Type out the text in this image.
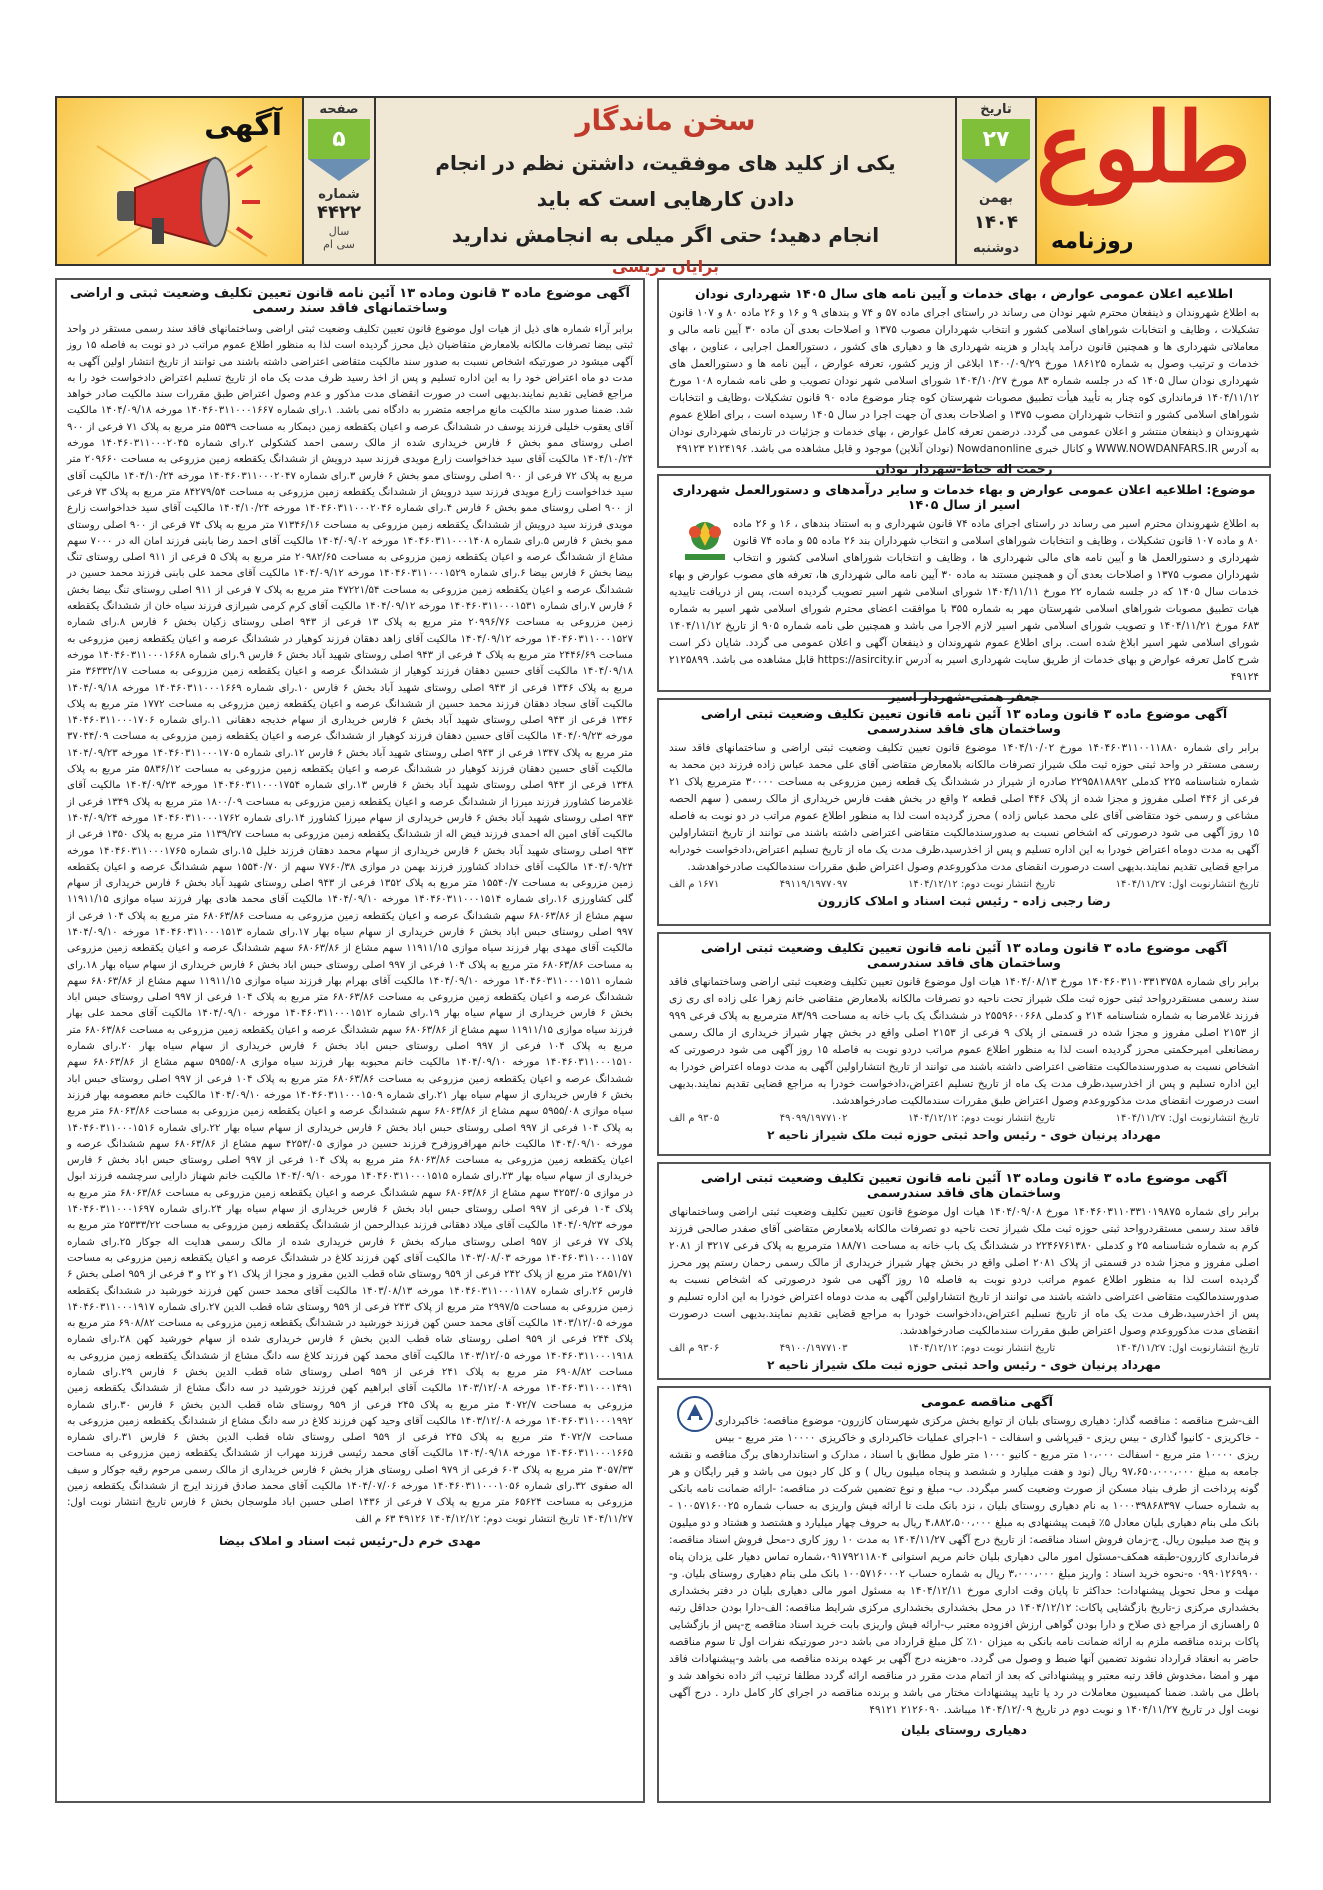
آگهی	صفحه
۵
شماره
۴۴۲۲
سال
سی ام
سخن ماندگار
یکی از کلید های موفقیت، داشتن نظم در انجام دادن کارهایی است که باید
انجام دهید؛ حتی اگر میلی به انجامش ندارید
برایان تریسی
تاریخ
۲۷
بهمن
۱۴۰۴
دوشنبه
طلوع
روزنامه
آگهی موضوع ماده ۳ قانون وماده ۱۳ آئین نامه قانون تعیین تکلیف وضعیت ثبتی و اراضی وساختمانهای فاقد سند رسمی

برابر آراء شماره های ذیل از هیات اول موضوع قانون تعیین تکلیف وضعیت ثبتی اراضی وساختمانهای فاقد سند رسمی مستقر در واحد ثبتی بیضا تصرفات مالکانه بلامعارض متقاضیان ذیل محرز گردیده است لذا به منظور اطلاع عموم مراتب در دو نوبت به فاصله ۱۵ روز آگهی میشود در صورتیکه اشخاص نسبت به صدور سند مالکیت متقاضی اعتراضی داشته باشند می توانند از تاریخ انتشار اولین آگهی به مدت دو ماه اعتراض خود را به این اداره تسلیم و پس از اخذ رسید ظرف مدت یک ماه از تاریخ تسلیم اعتراض دادخواست خود را به مراجع قضایی تقدیم نمایند.بدیهی است در صورت انقضای مدت مذکور و عدم وصول اعتراض طبق مقررات سند مالکیت صادر خواهد شد. ضمنا صدور سند مالکیت مانع مراجعه متضرر به دادگاه نمی باشد. ۱.رای شماره ۱۴۰۴۶۰۳۱۱۰۰۰۱۶۶۷ مورخه ۱۴۰۴/۰۹/۱۸ مالکیت آقای یعقوب خلیلی فرزند یوسف در ششدانگ عرصه و اعیان یکقطعه زمین دیمکار به مساحت ۵۵۳۹ متر مربع به پلاک ۷۱ فرعی از ۹۰۰ اصلی روستای ممو بخش ۶ فارس خریداری شده از مالک رسمی احمد کشکولی ۲.رای شماره ۱۴۰۴۶۰۳۱۱۰۰۰۲۰۴۵ مورخه ۱۴۰۴/۱۰/۲۴ مالکیت آقای سید خداخواست زارع مویدی فرزند سید درویش از ششدانگ یکقطعه زمین مزروعی به مساحت ۲۰۹۶۶۰ متر مربع به پلاک ۷۲ فرعی از ۹۰۰ اصلی روستای ممو بخش ۶ فارس ۳.رای شماره ۱۴۰۴۶۰۳۱۱۰۰۰۲۰۴۷ مورخه ۱۴۰۴/۱۰/۲۴ مالکیت آقای سید خداخواست زارع مویدی فرزند سید درویش از ششدانگ یکقطعه زمین مزروعی به مساحت ۸۴۲۷۹/۵۴ متر مربع به پلاک ۷۳ فرعی از ۹۰۰ اصلی روستای ممو بخش ۶ فارس ۴.رای شماره ۱۴۰۴۶۰۳۱۱۰۰۰۲۰۴۶ مورخه ۱۴۰۴/۱۰/۲۴ مالکیت آقای سید خداخواست زارع مویدی فرزند سید درویش از ششدانگ یکقطعه زمین مزروعی به مساحت ۷۱۳۴۶/۱۶ متر مربع به پلاک ۷۴ فرعی از ۹۰۰ اصلی روستای ممو بخش ۶ فارس ۵.رای شماره ۱۴۰۴۶۰۳۱۱۰۰۰۱۴۰۸ مورخه ۱۴۰۴/۰۹/۰۲ مالکیت آقای احمد رضا بابنی فرزند امان اله در ۷۰۰۰ سهم مشاع از ششدانگ عرصه و اعیان یکقطعه زمین مزروعی به مساحت ۲۰۹۸۲/۶۵ متر مربع به پلاک ۵ فرعی از ۹۱۱ اصلی روستای تنگ بیضا بخش ۶ فارس بیضا ۶.رای شماره ۱۴۰۴۶۰۳۱۱۰۰۰۱۵۲۹ مورخه ۱۴۰۴/۰۹/۱۲ مالکیت آقای محمد علی بابنی فرزند محمد حسین در ششدانگ عرصه و اعیان یکقطعه زمین مزروعی به مساحت ۴۷۲۲۱/۵۴ متر مربع به پلاک ۷ فرعی از ۹۱۱ اصلی روستای تنگ بیضا بخش ۶ فارس ۷.رای شماره ۱۴۰۴۶۰۳۱۱۰۰۰۱۵۳۱ مورخه ۱۴۰۴/۰۹/۱۲ مالکیت آقای کرم کرمی شیرازی فرزند سیاه خان از ششدانگ یکقطعه زمین مزروعی به مساحت ۲۰۹۹۶/۷۶ متر مربع به پلاک ۱۳ فرعی از ۹۴۳ اصلی روستای زکیان بخش ۶ فارس ۸.رای شماره ۱۴۰۴۶۰۳۱۱۰۰۰۱۵۲۷ مورخه ۱۴۰۴/۰۹/۱۲ مالکیت آقای زاهد دهقان فرزند کوهیار در ششدانگ عرصه و اعیان یکقطعه زمین مزروعی به مساحت ۲۴۴۶/۶۹ متر مربع به پلاک ۴ فرعی از ۹۴۳ اصلی روستای شهید آباد بخش ۶ فارس ۹.رای شماره ۱۴۰۴۶۰۳۱۱۰۰۰۱۶۶۸ مورخه ۱۴۰۴/۰۹/۱۸ مالکیت آقای حسین دهقان فرزند کوهیار از ششدانگ عرصه و اعیان یکقطعه زمین مزروعی به مساحت ۳۶۳۳۲/۱۷ متر مربع به پلاک ۱۳۴۶ فرعی از ۹۴۳ اصلی روستای شهید آباد بخش ۶ فارس ۱۰.رای شماره ۱۴۰۴۶۰۳۱۱۰۰۰۱۶۶۹ مورخه ۱۴۰۴/۰۹/۱۸ مالکیت آقای سجاد دهقان فرزند محمد حسین از ششدانگ عرصه و اعیان یکقطعه زمین مزروعی به مساحت ۱۷۷۲ متر مربع به پلاک ۱۳۴۶ فرعی از ۹۴۳ اصلی روستای شهید آباد بخش ۶ فارس خریداری از سهام خدیجه دهقانی ۱۱.رای شماره ۱۴۰۴۶۰۳۱۱۰۰۰۱۷۰۶ مورخه ۱۴۰۴/۰۹/۲۳ مالکیت آقای حسین دهقان فرزند کوهیار از ششدانگ عرصه و اعیان یکقطعه زمین مزروعی به مساحت ۳۷۰۴۴/۰۹ متر مربع به پلاک ۱۳۴۷ فرعی از ۹۴۳ اصلی روستای شهید آباد بخش ۶ فارس ۱۲.رای شماره ۱۴۰۴۶۰۳۱۱۰۰۰۱۷۰۵ مورخه ۱۴۰۴/۰۹/۲۳ مالکیت آقای حسین دهقان فرزند کوهیار در ششدانگ عرصه و اعیان یکقطعه زمین مزروعی به مساحت ۵۸۳۶/۱۲ متر مربع به پلاک ۱۳۴۸ فرعی از ۹۴۳ اصلی روستای شهید آباد بخش ۶ فارس ۱۳.رای شماره ۱۴۰۴۶۰۳۱۱۰۰۰۱۷۵۴ مورخه ۱۴۰۴/۰۹/۲۳ مالکیت آقای غلامرضا کشاورز فرزند میرزا از ششدانگ عرصه و اعیان یکقطعه زمین مزروعی به مساحت ۱۸۰۰/۰۹ متر مربع به پلاک ۱۳۴۹ فرعی از ۹۴۳ اصلی روستای شهید آباد بخش ۶ فارس خریداری از سهام میرزا کشاورز ۱۴.رای شماره ۱۴۰۴۶۰۳۱۱۰۰۰۱۷۶۲ مورخه ۱۴۰۴/۰۹/۲۴ مالکیت آقای امین اله احمدی فرزند فیض اله از ششدانگ یکقطعه زمین مزروعی به مساحت ۱۱۳۹/۲۷ متر مربع به پلاک ۱۳۵۰ فرعی از ۹۴۳ اصلی روستای شهید آباد بخش ۶ فارس خریداری از سهام محمد دهقان فرزند خلیل ۱۵.رای شماره ۱۴۰۴۶۰۳۱۱۰۰۰۱۷۶۵ مورخه ۱۴۰۴/۰۹/۲۴ مالکیت آقای خداداد کشاورز فرزند بهمن در موازی ۷۷۶۰/۳۸ سهم از ۱۵۵۴۰/۷۰ سهم ششدانگ عرصه و اعیان یکقطعه زمین مزروعی به مساحت ۱۵۵۴۰/۷ متر مربع به پلاک ۱۳۵۲ فرعی از ۹۴۳ اصلی روستای شهید آباد بخش ۶ فارس خریداری از سهام گلی کشاورزی ۱۶.رای شماره ۱۴۰۴۶۰۳۱۱۰۰۰۱۵۱۴ مورخه ۱۴۰۴/۰۹/۱۰ مالکیت آقای محمد هادی بهار فرزند سیاه موازی ۱۱۹۱۱/۱۵ سهم مشاع از ۶۸۰۶۳/۸۶ سهم ششدانگ عرصه و اعیان یکقطعه زمین مزروعی به مساحت ۶۸۰۶۳/۸۶ متر مربع به پلاک ۱۰۴ فرعی از ۹۹۷ اصلی روستای حبس اباد بخش ۶ فارس خریداری از سهام سیاه بهار ۱۷.رای شماره ۱۴۰۴۶۰۳۱۱۰۰۰۱۵۱۳ مورخه ۱۴۰۴/۰۹/۱۰ مالکیت آقای مهدی بهار فرزند سیاه موازی ۱۱۹۱۱/۱۵ سهم مشاع از ۶۸۰۶۳/۸۶ سهم ششدانگ عرصه و اعیان یکقطعه زمین مزروعی به مساحت ۶۸۰۶۳/۸۶ متر مربع به پلاک ۱۰۴ فرعی از ۹۹۷ اصلی روستای حبس اباد بخش ۶ فارس خریداری از سهام سیاه بهار ۱۸.رای شماره ۱۴۰۴۶۰۳۱۱۰۰۰۱۵۱۱ مورخه ۱۴۰۴/۰۹/۱۰ مالکیت آقای بهرام بهار فرزند سیاه موازی ۱۱۹۱۱/۱۵ سهم مشاع از ۶۸۰۶۳/۸۶ سهم ششدانگ عرصه و اعیان یکقطعه زمین مزروعی به مساحت ۶۸۰۶۳/۸۶ متر مربع به پلاک ۱۰۴ فرعی از ۹۹۷ اصلی روستای حبس اباد بخش ۶ فارس خریداری از سهام سیاه بهار ۱۹.رای شماره ۱۴۰۴۶۰۳۱۱۰۰۰۱۵۱۲ مورخه ۱۴۰۴/۰۹/۱۰ مالکیت آقای محمد علی بهار فرزند سیاه موازی ۱۱۹۱۱/۱۵ سهم مشاع از ۶۸۰۶۳/۸۶ سهم ششدانگ عرصه و اعیان یکقطعه زمین مزروعی به مساحت ۶۸۰۶۳/۸۶ متر مربع به پلاک ۱۰۴ فرعی از ۹۹۷ اصلی روستای حبس اباد بخش ۶ فارس خریداری از سهام سیاه بهار ۲۰.رای شماره ۱۴۰۴۶۰۳۱۱۰۰۰۱۵۱۰ مورخه ۱۴۰۴/۰۹/۱۰ مالکیت خانم محبوبه بهار فرزند سیاه موازی ۵۹۵۵/۰۸ سهم مشاع از ۶۸۰۶۳/۸۶ سهم ششدانگ عرصه و اعیان یکقطعه زمین مزروعی به مساحت ۶۸۰۶۳/۸۶ متر مربع به پلاک ۱۰۴ فرعی از ۹۹۷ اصلی روستای حبس اباد بخش ۶ فارس خریداری از سهام سیاه بهار ۲۱.رای شماره ۱۴۰۴۶۰۳۱۱۰۰۰۱۵۰۹ مورخه ۱۴۰۴/۰۹/۱۰ مالکیت خانم معصومه بهار فرزند سیاه موازی ۵۹۵۵/۰۸ سهم مشاع از ۶۸۰۶۳/۸۶ سهم ششدانگ عرصه و اعیان یکقطعه زمین مزروعی به مساحت ۶۸۰۶۳/۸۶ متر مربع به پلاک ۱۰۴ فرعی از ۹۹۷ اصلی روستای حبس اباد بخش ۶ فارس خریداری از سهام سیاه بهار ۲۲.رای شماره ۱۴۰۴۶۰۳۱۱۰۰۰۱۵۱۶ مورخه ۱۴۰۴/۰۹/۱۰ مالکیت خانم مهرافروزفرح فرزند حسین در موازی ۴۲۵۳/۰۵ سهم مشاع از ۶۸۰۶۳/۸۶ سهم ششدانگ عرصه و اعیان یکقطعه زمین مزروعی به مساحت ۶۸۰۶۳/۸۶ متر مربع به پلاک ۱۰۴ فرعی از ۹۹۷ اصلی روستای حبس اباد بخش ۶ فارس خریداری از سهام سیاه بهار ۲۳.رای شماره ۱۴۰۴۶۰۳۱۱۰۰۰۱۵۱۵ مورخه ۱۴۰۴/۰۹/۱۰ مالکیت خانم شهناز دارایی سرچشمه فرزند ابول در موازی ۴۲۵۳/۰۵ سهم مشاع از ۶۸۰۶۳/۸۶ سهم ششدانگ عرصه و اعیان یکقطعه زمین مزروعی به مساحت ۶۸۰۶۳/۸۶ متر مربع به پلاک ۱۰۴ فرعی از ۹۹۷ اصلی روستای حبس اباد بخش ۶ فارس خریداری از سهام سیاه بهار ۲۴.رای شماره ۱۴۰۴۶۰۳۱۱۰۰۰۱۶۹۷ مورخه ۱۴۰۴/۰۹/۲۳ مالکیت آقای میلاد دهقانی فرزند عبدالرحمن از ششدانگ یکقطعه زمین مزروعی به مساحت ۲۵۳۳۳/۲۲ متر مربع به پلاک ۷۷ فرعی از ۹۵۷ اصلی روستای مبارکه بخش ۶ فارس خریداری شده از مالک رسمی هدایت اله جوکار ۲۵.رای شماره ۱۴۰۴۶۰۳۱۱۰۰۰۱۱۵۷ مورخه ۱۴۰۳/۰۸/۰۳ مالکیت آقای کهن فرزند کلاغ در ششدانگ عرصه و اعیان یکقطعه زمین مزروعی به مساحت ۲۸۵۱/۷۱ متر مربع از پلاک ۲۴۲ فرعی از ۹۵۹ روستای شاه قطب الدین مفروز و مجزا از پلاک ۲۱ و ۲۲ و ۳ فرعی از ۹۵۹ اصلی بخش ۶ فارس ۲۶.رای شماره ۱۴۰۴۶۰۳۱۱۰۰۰۱۱۸۷ مورخه ۱۴۰۳/۰۸/۱۳ مالکیت آقای محمد حسن کهن فرزند خورشید در ششدانگ یکقطعه زمین مزروعی به مساحت ۲۹۹۷/۵ متر مربع از پلاک ۲۴۳ فرعی از ۹۵۹ روستای شاه قطب الدین ۲۷.رای شماره ۱۴۰۴۶۰۳۱۱۰۰۰۱۹۱۷ مورخه ۱۴۰۳/۱۲/۰۵ مالکیت آقای محمد حسن کهن فرزند خورشید در ششدانگ یکقطعه زمین مزروعی به مساحت ۶۹۰۸/۸۲ متر مربع به پلاک ۲۴۴ فرعی از ۹۵۹ اصلی روستای شاه قطب الدین بخش ۶ فارس خریداری شده از سهام خورشید کهن ۲۸.رای شماره ۱۴۰۴۶۰۳۱۱۰۰۰۱۹۱۸ مورخه ۱۴۰۳/۱۲/۰۵ مالکیت آقای محمد کهن فرزند کلاغ سه دانگ مشاع از ششدانگ یکقطعه زمین مزروعی به مساحت ۶۹۰۸/۸۲ متر مربع به پلاک ۲۴۱ فرعی از ۹۵۹ اصلی روستای شاه قطب الدین بخش ۶ فارس ۲۹.رای شماره ۱۴۰۴۶۰۳۱۱۰۰۰۱۴۹۱ مورخه ۱۴۰۳/۱۲/۰۸ مالکیت آقای ابراهیم کهن فرزند خورشید در سه دانگ مشاع از ششدانگ یکقطعه زمین مزروعی به مساحت ۴۰۷۲/۷ متر مربع به پلاک ۲۴۵ فرعی از ۹۵۹ روستای شاه قطب الدین بخش ۶ فارس ۳۰.رای شماره ۱۴۰۴۶۰۳۱۱۰۰۰۱۹۹۲ مورخه ۱۴۰۳/۱۲/۰۸ مالکیت آقای وحید کهن فرزند کلاغ در سه دانگ مشاع از ششدانگ یکقطعه زمین مزروعی به مساحت ۴۰۷۲/۷ متر مربع به پلاک ۲۴۵ فرعی از ۹۵۹ اصلی روستای شاه قطب الدین بخش ۶ فارس ۳۱.رای شماره ۱۴۰۴۶۰۳۱۱۰۰۰۱۶۶۵ مورخه ۱۴۰۴/۰۹/۱۸ مالکیت آقای محمد رئیسی فرزند مهراب از ششدانگ یکقطعه زمین مزروعی به مساحت ۳۰۵۷/۳۳ متر مربع به پلاک ۶۰۳ فرعی از ۹۷۹ اصلی روستای هزار بخش ۶ فارس خریداری از مالک رسمی مرحوم رقیه جوکار و سیف اله صفوی ۳۲.رای شماره ۱۴۰۴۶۰۳۱۱۰۰۰۱۰۵۶ مورخه ۱۴۰۴/۰۷/۰۶ مالکیت آقای محمد صادق فرزند ایرج از ششدانگ یکقطعه زمین مزروعی به مساحت ۶۵۶۲۴ متر مربع به پلاک ۷ فرعی از ۱۴۳۶ اصلی حسین اباد ملوسجان بخش ۶ فارس تاریخ انتشار نوبت اول: ۱۴۰۴/۱۱/۲۷ تاریخ انتشار نوبت دوم: ۱۴۰۴/۱۲/۱۲ ۴۹۱۲۶ ۶۳ م الف

مهدی خرم دل-رئیس ثبت اسناد و املاک بیضا
اطلاعیه اعلان عمومی عوارض ، بهای خدمات و آیین نامه های سال ۱۴۰۵ شهرداری نودان

به اطلاع شهروندان و ذینفعان محترم شهر نودان می رساند در راستای اجرای ماده ۵۷ و ۷۴ و بندهای ۹ و ۱۶ و ۲۶ ماده ۸۰ و ۱۰۷ قانون تشکیلات ، وظایف و انتخابات شوراهای اسلامی کشور و انتخاب شهرداران مصوب ۱۳۷۵ و اصلاحات بعدی آن ماده ۳۰ آیین نامه مالی و معاملاتی شهرداری ها و همچنین قانون درآمد پایدار و هزینه شهرداری ها و دهیاری های کشور ، دستورالعمل اجرایی ، عناوین ، بهای خدمات و ترتیب وصول به شماره ۱۸۶۱۲۵ مورخ ۱۴۰۰/۰۹/۲۹ ابلاغی از وزیر کشور، تعرفه عوارض ، آیین نامه ها و دستورالعمل های شهرداری نودان سال ۱۴۰۵ که در جلسه شماره ۸۳ مورخ ۱۴۰۴/۱۰/۲۷ شورای اسلامی شهر نودان تصویب و طی نامه شماره ۱۰۸ مورخ ۱۴۰۴/۱۱/۱۲ فرمانداری کوه چنار به تأیید هیأت تطبیق مصوبات شهرستان کوه چنار موضوع ماده ۹۰ قانون تشکیلات ،وظایف و انتخابات شوراهای اسلامی کشور و انتخاب شهرداران مصوب ۱۳۷۵ و اصلاحات بعدی آن جهت اجرا در سال ۱۴۰۵ رسیده است ، برای اطلاع عموم شهروندان و ذینفعان منتشر و اعلان عمومی می گردد. درضمن تعرفه کامل عوارض ، بهای خدمات و جزئیات در تارنمای شهرداری نودان به آدرس WWW.NOWDANFARS.IR و کانال خبری Nowdanonline (نودان آنلاین) موجود و قابل مشاهده می باشد. ۲۱۲۴۱۹۶ ۴۹۱۲۳

رحمت اله خیاط-شهردار نودان
موضوع: اطلاعیه اعلان عمومی عوارض و بهاء خدمات و سایر درآمدهای و دستورالعمل شهرداری اسیر از سال ۱۴۰۵

به اطلاع شهروندان محترم اسیر می رساند در راستای اجرای ماده ۷۴ قانون شهرداری و به استناد بندهای ، ۱۶ و ۲۶ ماده ۸۰ و ماده ۱۰۷ قانون تشکیلات ، وظایف و انتخابات شوراهای اسلامی و انتخاب شهرداران بند ۲۶ ماده ۵۵ و ماده ۷۴ قانون شهرداری و دستورالعمل ها و آیین نامه های مالی شهرداری ها ، وظایف و انتخابات شوراهای اسلامی کشور و انتخاب شهرداران مصوب ۱۳۷۵ و اصلاحات بعدی آن و همچنین مستند به ماده ۳۰ آیین نامه مالی شهرداری ها، تعرفه های مصوب عوارض و بهاء خدمات سال ۱۴۰۵ که در جلسه شماره ۲۲ مورخ ۱۴۰۴/۱۱/۱۱ شورای اسلامی شهر اسیر تصویب گردیده است، پس از دریافت تاییدیه هیات تطبیق مصوبات شوراهای اسلامی شهرستان مهر به شماره ۳۵۵ با موافقت اعضای محترم شورای اسلامی شهر اسیر به شماره ۶۸۳ مورخ ۱۴۰۴/۱۱/۲۱ و تصویب شورای اسلامی شهر اسیر لازم الاجرا می باشد و همچنین طی نامه شماره ۹۰۵ از تاریخ ۱۴۰۴/۱۱/۱۲ شورای اسلامی شهر اسیر ابلاغ شده است. برای اطلاع عموم شهروندان و ذینفعان آگهی و اعلان عمومی می گردد. شایان ذکر است شرح کامل تعرفه عوارض و بهای خدمات از طریق سایت شهرداری اسیر به آدرس https://asircity.ir قابل مشاهده می باشد. ۲۱۲۵۸۹۹ ۴۹۱۲۴

جعفر همتی-شهردار اسیر
آگهی موضوع ماده ۳ قانون وماده ۱۳ آئین نامه قانون تعیین تکلیف وضعیت ثبتی اراضی وساختمان های فاقد سندرسمی

برابر رای شماره ۱۴۰۴۶۰۳۱۱۰۰۱۱۸۸۰ مورخ ۱۴۰۴/۱۰/۰۲ موضوع قانون تعیین تکلیف وضعیت ثبتی اراضی و ساختمانهای فاقد سند رسمی مستقر در واحد ثبتی حوزه ثبت ملک شیراز تصرفات مالکانه بلامعارض متقاضی آقای علی محمد عباس زاده فرزند دین محمد به شماره شناسنامه ۲۲۵ کدملی ۲۲۹۵۸۱۸۸۹۲ صادره از شیراز در ششدانگ یک قطعه زمین مزروعی به مساحت ۳۰۰۰۰ مترمربع پلاک ۲۱ فرعی از ۴۴۶ اصلی مفروز و مجزا شده از پلاک ۴۴۶ اصلی قطعه ۲ واقع در بخش هفت فارس خریداری از مالک رسمی ( سهم الحصه مشاعی و رسمی خود متقاضی آقای علی محمد عباس زاده ) محرز گردیده است لذا به منظور اطلاع عموم مراتب در دو نوبت به فاصله ۱۵ روز آگهی می شود درصورتی که اشخاص نسبت به صدورسندمالکیت متقاضی اعتراضی داشته باشند می توانند از تاریخ انتشاراولین آگهی به مدت دوماه اعتراض خودرا به این اداره تسلیم و پس از اخذرسید،ظرف مدت یک ماه از تاریخ تسلیم اعتراض،دادخواست خودرابه مراجع قضایی تقدیم نمایند.بدیهی است درصورت انقضای مدت مذکوروعدم وصول اعتراض طبق مقررات سندمالکیت صادرخواهدشد.

تاریخ انتشارنوبت اول: ۱۴۰۴/۱۱/۲۷
تاریخ انتشار نوبت دوم: ۱۴۰۴/۱۲/۱۲
۴۹۱۱۹/۱۹۷۷۰۹۷
۱۶۷۱ م الف
رضا رجبی زاده - رئیس ثبت اسناد و املاک کازرون
آگهی موضوع ماده ۳ قانون وماده ۱۳ آئین نامه قانون تعیین تکلیف وضعیت ثبتی اراضی وساختمان های فاقد سندرسمی

برابر رای شماره ۱۴۰۴۶۰۳۱۱۰۳۳۱۳۷۵۸ مورخ ۱۴۰۴/۰۸/۱۳ هیات اول موضوع قانون تعیین تکلیف وضعیت ثبتی اراضی وساختمانهای فاقد سند رسمی مستقردرواحد ثبتی حوزه ثبت ملک شیراز تحت ناحیه دو تصرفات مالکانه بلامعارض متقاضی خانم زهرا علی زاده ای ری زی فرزند غلامرضا به شماره شناسنامه ۲۱۴ و کدملی ۲۵۵۹۶۰۰۶۶۸ در ششدانگ یک باب خانه به مساحت ۸۳/۹۹ مترمربع به پلاک فرعی ۹۹۹ از ۲۱۵۳ اصلی مفروز و مجزا شده در قسمتی از پلاک ۹ فرعی از ۲۱۵۳ اصلی واقع در بخش چهار شیراز خریداری از مالک رسمی رمضانعلی امیرحکمتی محرز گردیده است لذا به منظور اطلاع عموم مراتب دردو نوبت به فاصله ۱۵ روز آگهی می شود درصورتی که اشخاص نسبت به صدورسندمالکیت متقاضی اعتراضی داشته باشند می توانند از تاریخ انتشاراولین آگهی به مدت دوماه اعتراض خودرا به این اداره تسلیم و پس از اخذرسید،ظرف مدت یک ماه از تاریخ تسلیم اعتراض،دادخواست خودرا به مراجع قضایی تقدیم نمایند.بدیهی است درصورت انقضای مدت مذکوروعدم وصول اعتراض طبق مقررات سندمالکیت صادرخواهدشد.

تاریخ انتشارنوبت اول: ۱۴۰۴/۱۱/۲۷
تاریخ انتشار نوبت دوم: ۱۴۰۴/۱۲/۱۲
۴۹۰۹۹/۱۹۷۷۱۰۲
۹۳۰۵ م الف
مهرداد پرنیان خوی - رئیس واحد ثبتی حوزه ثبت ملک شیراز ناحیه ۲
آگهی موضوع ماده ۳ قانون وماده ۱۳ آئین نامه قانون تعیین تکلیف وضعیت ثبتی اراضی وساختمان های فاقد سندرسمی

برابر رای شماره ۱۴۰۴۶۰۳۱۱۰۳۳۱۰۱۹۸۷۵ مورخ ۱۴۰۴/۰۹/۰۸ هیات اول موضوع قانون تعیین تکلیف وضعیت ثبتی اراضی وساختمانهای فاقد سند رسمی مستقردرواحد ثبتی حوزه ثبت ملک شیراز تحت ناحیه دو تصرفات مالکانه بلامعارض متقاضی آقای صفدر صالحی فرزند کرم به شماره شناسنامه ۲۵ و کدملی ۲۲۴۶۷۶۱۳۸۰ در ششدانگ یک باب خانه به مساحت ۱۸۸/۷۱ مترمربع به پلاک فرعی ۳۲۱۷ از ۲۰۸۱ اصلی مفروز و مجزا شده در قسمتی از پلاک ۲۰۸۱ اصلی واقع در بخش چهار شیراز خریداری از مالک رسمی رحمان رستم پور محرز گردیده است لذا به منظور اطلاع عموم مراتب دردو نوبت به فاصله ۱۵ روز آگهی می شود درصورتی که اشخاص نسبت به صدورسندمالکیت متقاضی اعتراضی داشته باشند می توانند از تاریخ انتشاراولین آگهی به مدت دوماه اعتراض خودرا به این اداره تسلیم و پس از اخذرسید،ظرف مدت یک ماه از تاریخ تسلیم اعتراض،دادخواست خودرا به مراجع قضایی تقدیم نمایند.بدیهی است درصورت انقضای مدت مذکوروعدم وصول اعتراض طبق مقررات سندمالکیت صادرخواهدشد.

تاریخ انتشارنوبت اول: ۱۴۰۴/۱۱/۲۷
تاریخ انتشار نوبت دوم: ۱۴۰۴/۱۲/۱۲
۴۹۱۰۰/۱۹۷۷۱۰۳
۹۳۰۶ م الف
مهرداد پرنیان خوی - رئیس واحد ثبتی حوزه ثبت ملک شیراز ناحیه ۲
آگهی مناقصه عمومی

الف-شرح مناقصه : مناقصه گذار: دهیاری روستای بلیان از توابع بخش مرکزی شهرستان کازرون- موضوع مناقصه: خاکبرداری - خاکریزی - کانیوا گذاری - بیس ریزی - قیرپاشی و اسفالت - ۱-اجرای عملیات خاکبرداری و خاکریزی ۱۰۰۰۰ متر مربع - بیس ریزی ۱۰۰۰۰ متر مربع - اسفالت ۱۰،۰۰۰ متر مربع - کانیو ۱۰۰۰ متر طول مطابق با اسناد ، مدارک و استانداردهای برگ مناقصه و نقشه جامعه به مبلغ ۹۷،۶۵۰،۰۰۰،۰۰۰ ریال (نود و هفت میلیارد و ششصد و پنجاه میلیون ریال ) و کل کار دیون می باشد و قیر رایگان و هر گونه پرداخت از طرف بنیاد مسکن از صورت وضعیت کسر میگردد. ب- مبلغ و نوع تضمین شرکت در مناقصه: -ارائه ضمانت نامه بانکی به شماره حساب ۱۰۰۰۳۹۸۶۸۳۹۷ به نام دهیاری روستای بلیان ، نزد بانک ملت تا ارائه فیش واریزی به حساب شماره ۱۰۰۵۷۱۶۰۰۲۵ - بانک ملی بنام دهیاری بلیان معادل ۵٪ قیمت پیشنهادی به مبلغ ۴،۸۸۲،۵۰۰،۰۰۰ ریال به حروف چهار میلیارد و هشتصد و هشتاد و دو میلیون و پنج صد میلیون ریال. ج-زمان فروش اسناد مناقصه: از تاریخ درج آگهی ۱۴۰۴/۱۱/۲۷ به مدت ۱۰ روز کاری د-محل فروش اسناد مناقصه: فرمانداری کازرون-طبقه همکف-مسئول امور مالی دهیاری بلیان خانم مریم استوانی ۰۹۱۷۹۲۱۱۸۰۴،شماره تماس دهیار علی یزدان پناه ۰۹۹۰۱۲۶۹۹۰۰ ه-نحوه خرید اسناد : واریز مبلغ ۳،۰۰۰،۰۰۰ ریال به شماره حساب ۱۰۰۵۷۱۶۰۰۰۲ بانک ملی بنام دهیاری روستای بلیان. و-مهلت و محل تحویل پیشنهادات: حداکثر تا پایان وقت اداری مورخ ۱۴۰۴/۱۲/۱۱ به مسئول امور مالی دهیاری بلیان در دفتر بخشداری بخشداری مرکزی ز-تاریخ بازگشایی پاکات: ۱۴۰۴/۱۲/۱۲ در محل بخشداری بخشداری مرکزی شرایط مناقصه: الف-دارا بودن حداقل رتبه ۵ راهسازی از مراجع ذی صلاح و دارا بودن گواهی ارزش افزوده معتبر ب-ارائه فیش واریزی بابت خرید اسناد مناقصه ج-پس از بازگشایی پاکات برنده مناقصه ملزم به ارائه ضمانت نامه بانکی به میزان ۱۰٪ کل مبلغ قرارداد می باشد د-در صورتیکه نفرات اول تا سوم مناقصه حاضر به انعقاد قرارداد نشوند تضمین آنها ضبط و وصول می گردد. ه-هزینه درج آگهی بر عهده برنده مناقصه می باشد و-پیشنهادات فاقد مهر و امضا ،مخدوش فاقد رتبه معتبر و پیشنهاداتی که بعد از اتمام مدت مقرر در مناقصه ارائه گردد مطلقا ترتیب اثر داده نخواهد شد و باطل می باشد. ضمنا کمیسیون معاملات در رد یا تایید پیشنهادات مختار می باشد و برنده مناقصه در اجرای کار کامل دارد . درج آگهی نوبت اول در تاریخ ۱۴۰۴/۱۱/۲۷ و نوبت دوم در تاریخ ۱۴۰۴/۱۲/۰۹ میباشد. ۲۱۲۶۰۹۰ ۴۹۱۲۱

دهیاری روستای بلیان
